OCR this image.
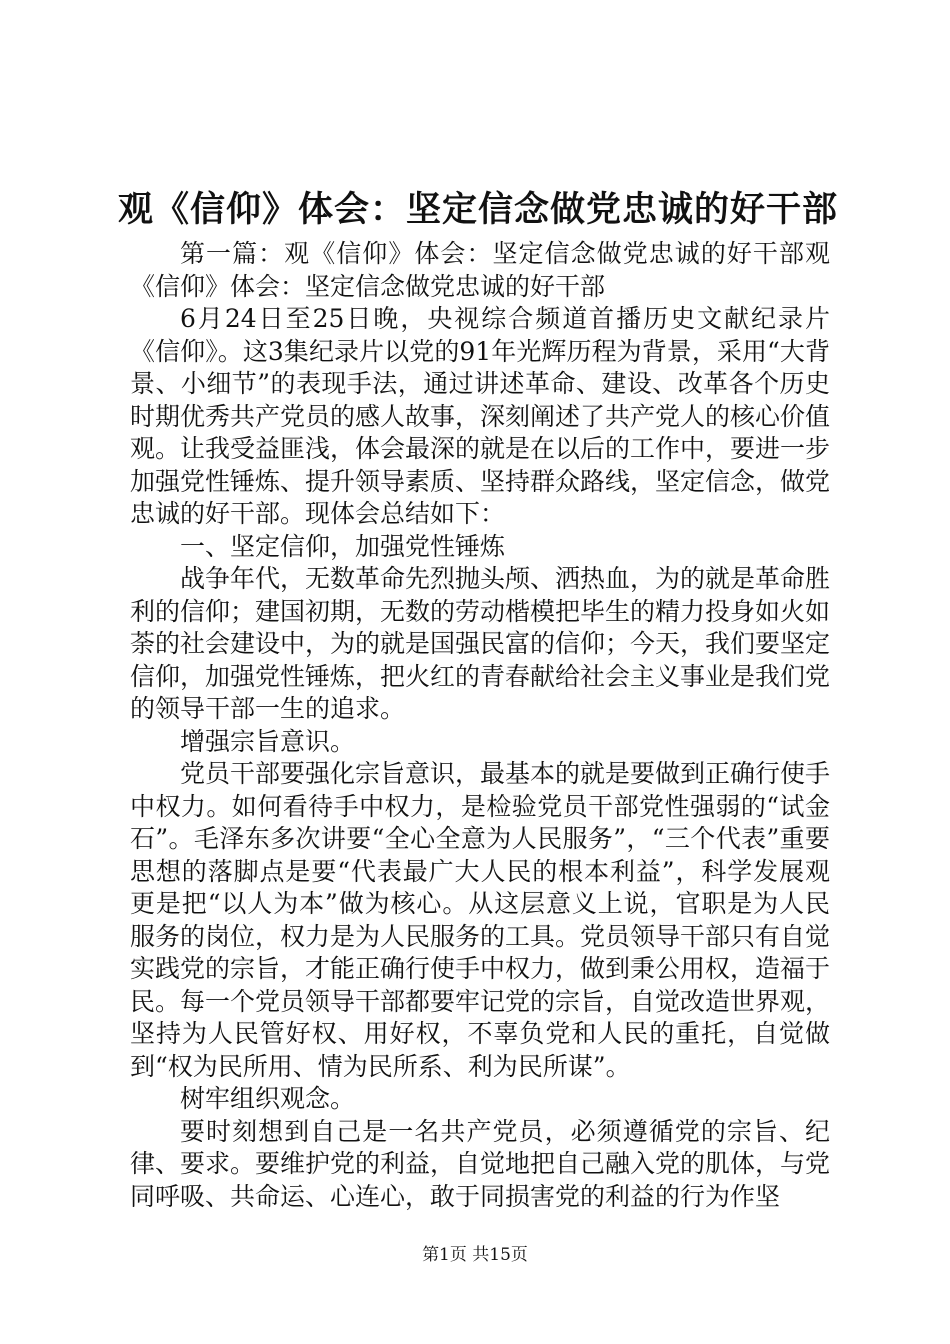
观《信仰》体会：坚定信念做党忠诚的好干部

第一篇：观《信仰》体会：坚定信念做党忠诚的好干部观《信仰》体会：坚定信念做党忠诚的好干部

6月24日至25日晚，央视综合频道首播历史文献纪录片《信仰》。这3集纪录片以党的91年光辉历程为背景，采用“大背景、小细节”的表现手法，通过讲述革命、建设、改革各个历史时期优秀共产党员的感人故事，深刻阐述了共产党人的核心价值观。让我受益匪浅，体会最深的就是在以后的工作中，要进一步加强党性锤炼、提升领导素质、坚持群众路线，坚定信念，做党忠诚的好干部。现体会总结如下：

一、坚定信仰，加强党性锤炼

战争年代，无数革命先烈抛头颅、洒热血，为的就是革命胜利的信仰；建国初期，无数的劳动楷模把毕生的精力投身如火如荼的社会建设中，为的就是国强民富的信仰；今天，我们要坚定信仰，加强党性锤炼，把火红的青春献给社会主义事业是我们党的领导干部一生的追求。

增强宗旨意识。

党员干部要强化宗旨意识，最基本的就是要做到正确行使手中权力。如何看待手中权力，是检验党员干部党性强弱的“试金石”。毛泽东多次讲要“全心全意为人民服务”，“三个代表”重要思想的落脚点是要“代表最广大人民的根本利益”，科学发展观更是把“以人为本”做为核心。从这层意义上说，官职是为人民服务的岗位，权力是为人民服务的工具。党员领导干部只有自觉实践党的宗旨，才能正确行使手中权力，做到秉公用权，造福于民。每一个党员领导干部都要牢记党的宗旨，自觉改造世界观，坚持为人民管好权、用好权，不辜负党和人民的重托，自觉做到“权为民所用、情为民所系、利为民所谋”。

树牢组织观念。

要时刻想到自己是一名共产党员，必须遵循党的宗旨、纪律、要求。要维护党的利益，自觉地把自己融入党的肌体，与党同呼吸、共命运、心连心，敢于同损害党的利益的行为作坚

第1页 共15页
